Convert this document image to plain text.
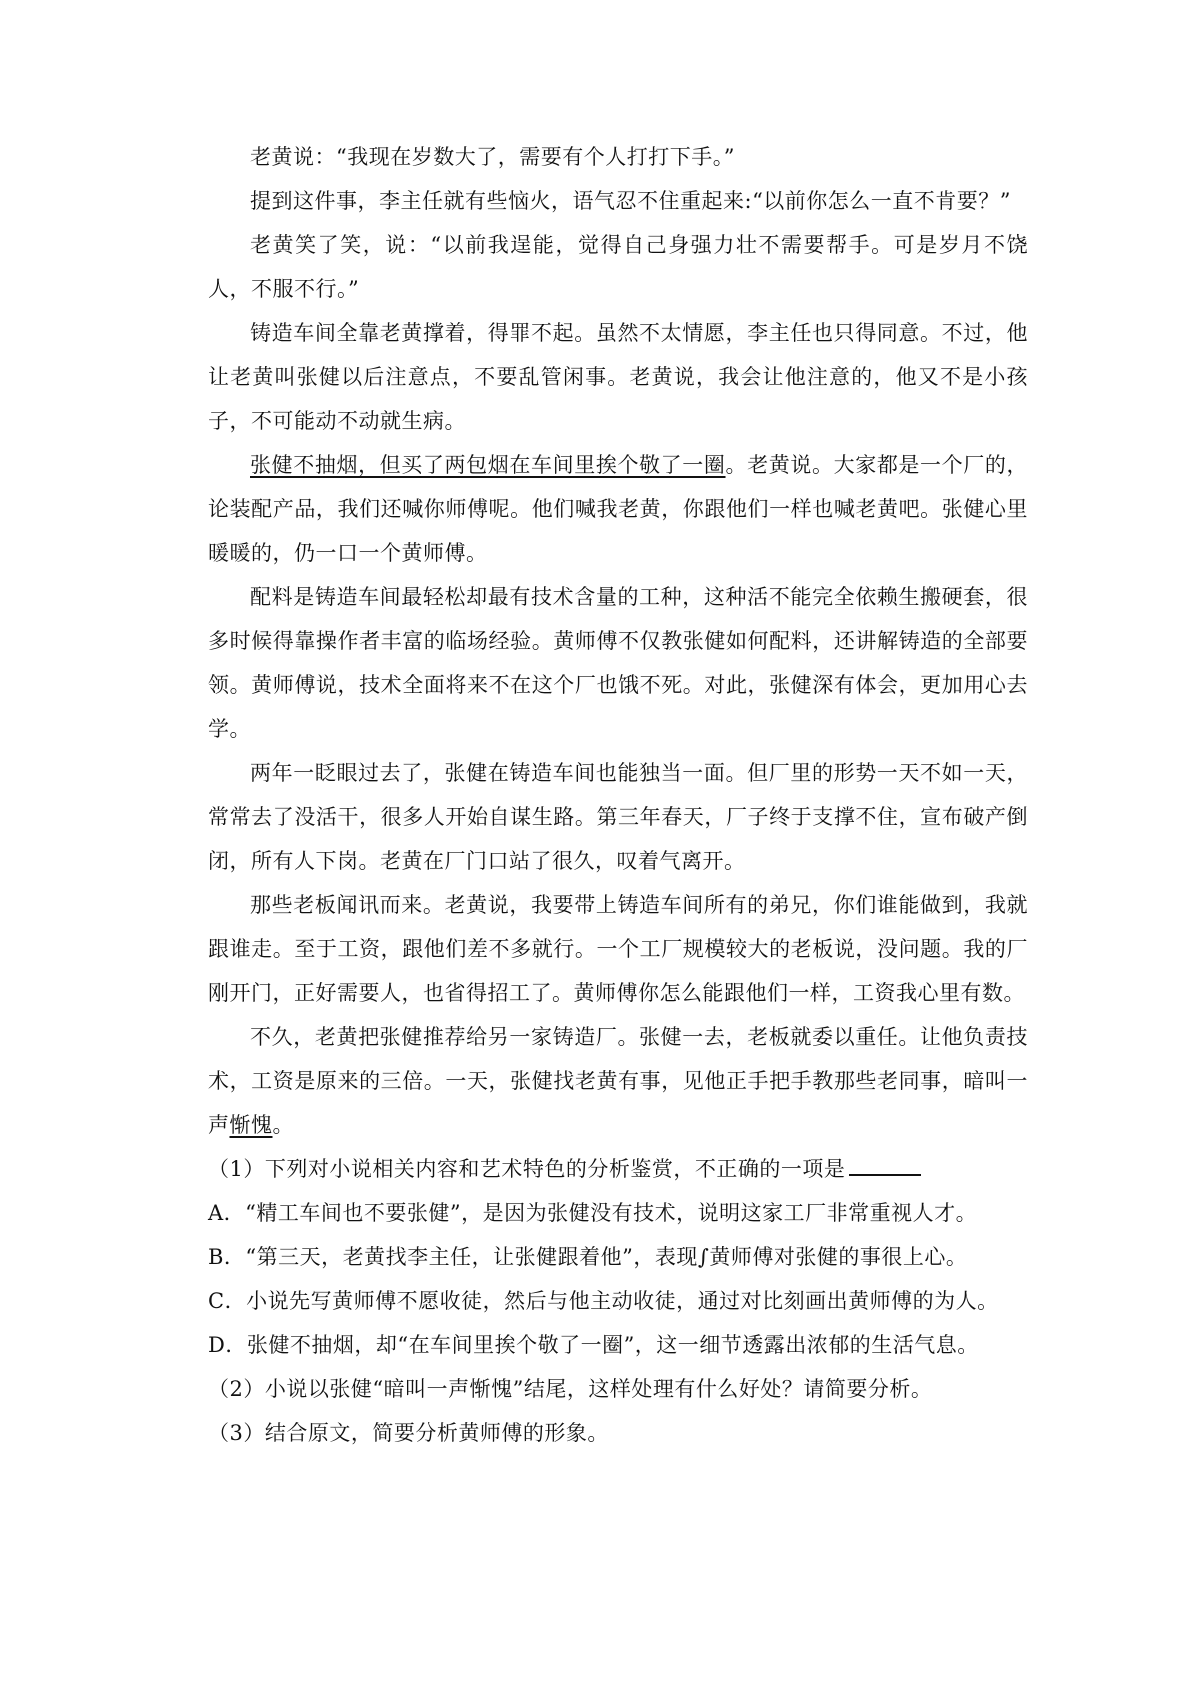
老黄说：“我现在岁数大了，需要有个人打打下手。”

提到这件事，李主任就有些恼火，语气忍不住重起来:“以前你怎么一直不肯要？”

老黄笑了笑，说：“以前我逞能，觉得自己身强力壮不需要帮手。可是岁月不饶人，不服不行。”

铸造车间全靠老黄撑着，得罪不起。虽然不太情愿，李主任也只得同意。不过，他让老黄叫张健以后注意点，不要乱管闲事。老黄说，我会让他注意的，他又不是小孩子，不可能动不动就生病。

张健不抽烟，但买了两包烟在车间里挨个敬了一圈。老黄说。大家都是一个厂的，论装配产品，我们还喊你师傅呢。他们喊我老黄，你跟他们一样也喊老黄吧。张健心里暖暖的，仍一口一个黄师傅。

配料是铸造车间最轻松却最有技术含量的工种，这种活不能完全依赖生搬硬套，很多时候得靠操作者丰富的临场经验。黄师傅不仅教张健如何配料，还讲解铸造的全部要领。黄师傅说，技术全面将来不在这个厂也饿不死。对此，张健深有体会，更加用心去学。

两年一眨眼过去了，张健在铸造车间也能独当一面。但厂里的形势一天不如一天，常常去了没活干，很多人开始自谋生路。第三年春天，厂子终于支撑不住，宣布破产倒闭，所有人下岗。老黄在厂门口站了很久，叹着气离开。

那些老板闻讯而来。老黄说，我要带上铸造车间所有的弟兄，你们谁能做到，我就跟谁走。至于工资，跟他们差不多就行。一个工厂规模较大的老板说，没问题。我的厂刚开门，正好需要人，也省得招工了。黄师傅你怎么能跟他们一样，工资我心里有数。

不久，老黄把张健推荐给另一家铸造厂。张健一去，老板就委以重任。让他负责技术，工资是原来的三倍。一天，张健找老黄有事，见他正手把手教那些老同事，暗叫一声惭愧。

（1）下列对小说相关内容和艺术特色的分析鉴赏，不正确的一项是

A．“精工车间也不要张健”，是因为张健没有技术，说明这家工厂非常重视人才。

B．“第三天，老黄找李主任，让张健跟着他”，表现∫黄师傅对张健的事很上心。

C．小说先写黄师傅不愿收徒，然后与他主动收徒，通过对比刻画出黄师傅的为人。

D．张健不抽烟，却“在车间里挨个敬了一圈”，这一细节透露出浓郁的生活气息。

（2）小说以张健“暗叫一声惭愧”结尾，这样处理有什么好处？请简要分析。

（3）结合原文，简要分析黄师傅的形象。
